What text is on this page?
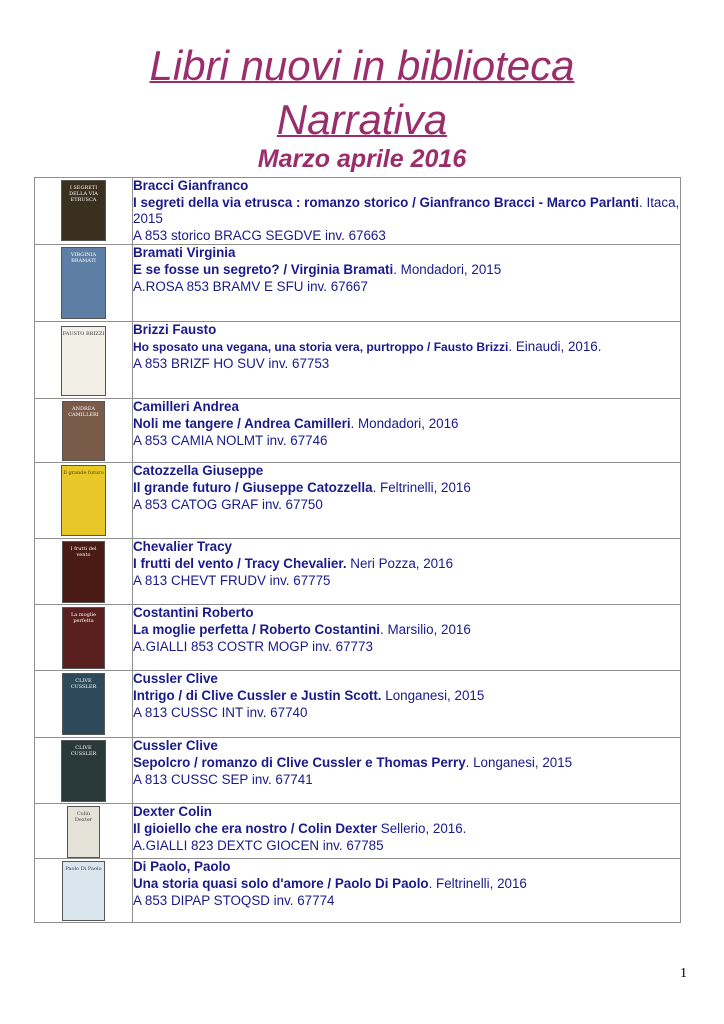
Libri nuovi in biblioteca
Narrativa
Marzo aprile 2016
I SEGRETI DELLA VIA ETRUSCA	Bracci Gianfranco
I segreti della via etrusca : romanzo storico / Gianfranco Bracci - Marco Parlanti. Itaca, 2015
A 853 storico BRACG SEGDVE inv. 67663

VIRGINIA BRAMATI	Bramati Virginia
E se fosse un segreto? / Virginia Bramati. Mondadori, 2015
A.ROSA 853 BRAMV E SFU inv. 67667

FAUSTO BRIZZI	Brizzi Fausto
Ho sposato una vegana, una storia vera, purtroppo / Fausto Brizzi. Einaudi, 2016.
A 853 BRIZF HO SUV inv. 67753

ANDREA CAMILLERI	Camilleri Andrea
Noli me tangere / Andrea Camilleri. Mondadori, 2016
A 853 CAMIA NOLMT inv. 67746

Il grande futuro	Catozzella Giuseppe
Il grande futuro / Giuseppe Catozzella. Feltrinelli, 2016
A 853 CATOG GRAF inv. 67750

I frutti del vento	Chevalier Tracy
I frutti del vento / Tracy Chevalier. Neri Pozza, 2016
A 813 CHEVT FRUDV inv. 67775

La moglie perfetta	Costantini Roberto
La moglie perfetta / Roberto Costantini. Marsilio, 2016
A.GIALLI 853 COSTR MOGP inv. 67773

CLIVE CUSSLER	Cussler Clive
Intrigo / di Clive Cussler e Justin Scott. Longanesi, 2015
A 813 CUSSC INT inv. 67740

CLIVE CUSSLER	Cussler Clive
Sepolcro / romanzo di Clive Cussler e Thomas Perry. Longanesi, 2015
A 813 CUSSC SEP inv. 67741

Colin Dexter	Dexter Colin
Il gioiello che era nostro / Colin Dexter Sellerio, 2016.
A.GIALLI 823 DEXTC GIOCEN inv. 67785

Paolo Di Paolo	Di Paolo, Paolo
Una storia quasi solo d'amore / Paolo Di Paolo. Feltrinelli, 2016
A 853 DIPAP STOQSD inv. 67774
1
